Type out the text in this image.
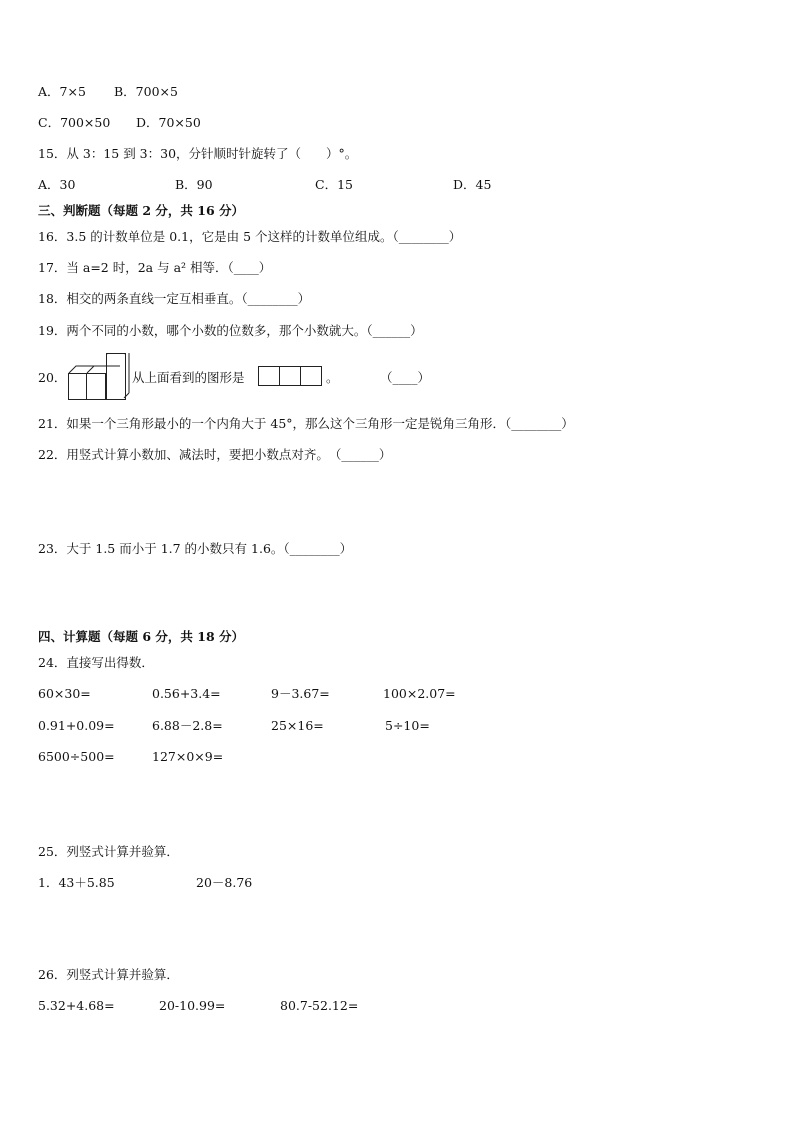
A．7×5 B．700×5
C．700×50 D．70×50
15．从 3：15 到 3：30，分针顺时针旋转了（　　）°。
A．30	B．90	C．15	D．45
三、判断题（每题 2 分，共 16 分）
16．3.5 的计数单位是 0.1，它是由 5 个这样的计数单位组成。（________）
17．当 a=2 时，2a 与 a² 相等．（____）
18．相交的两条直线一定互相垂直。（________）
19．两个不同的小数，哪个小数的位数多，那个小数就大。（______）
20．	从上面看到的图形是	。	（____）
21．如果一个三角形最小的一个内角大于 45°，那么这个三角形一定是锐角三角形．（________）
22．用竖式计算小数加、减法时，要把小数点对齐。　（______）
23．大于 1.5 而小于 1.7 的小数只有 1.6。（________）
四、计算题（每题 6 分，共 18 分）
24．直接写出得数．
60×30=	0.56+3.4=	9－3.67=	100×2.07=
0.91+0.09=	6.88－2.8=	25×16=	5÷10=
6500÷500=	127×0×9=
25．列竖式计算并验算．
1．43＋5.85	20－8.76
26．列竖式计算并验算．
5.32+4.68=	20-10.99=	80.7-52.12=
